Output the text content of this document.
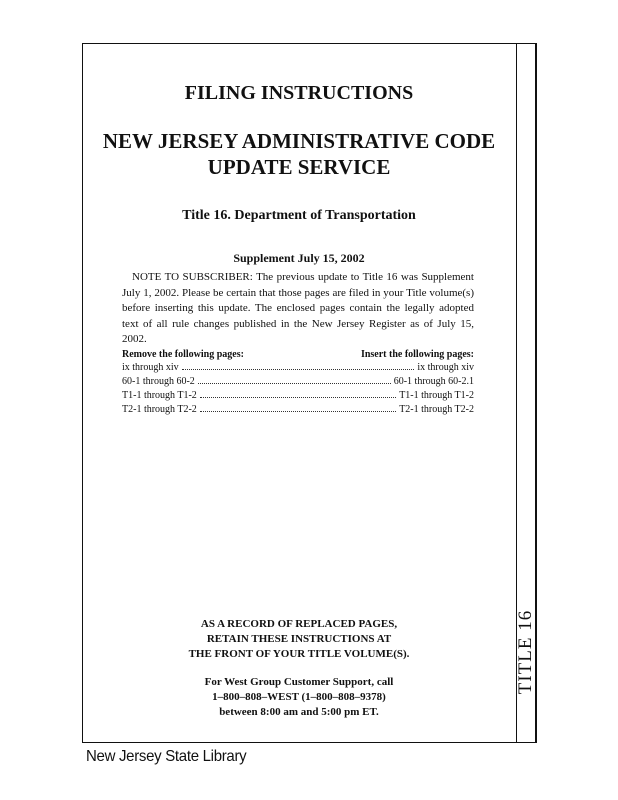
TITLE 16
FILING INSTRUCTIONS
NEW JERSEY ADMINISTRATIVE CODE
UPDATE SERVICE
Title 16. Department of Transportation
Supplement July 15, 2002
NOTE TO SUBSCRIBER: The previous update to Title 16 was Supplement July 1, 2002. Please be certain that those pages are filed in your Title volume(s) before inserting this update. The enclosed pages contain the legally adopted text of all rule changes published in the New Jersey Register as of July 15, 2002.
Remove the following pages:	Insert the following pages:
ix through xiv	ix through xiv
60-1 through 60-2	60-1 through 60-2.1
T1-1 through T1-2	T1-1 through T1-2
T2-1 through T2-2	T2-1 through T2-2
AS A RECORD OF REPLACED PAGES,
RETAIN THESE INSTRUCTIONS AT
THE FRONT OF YOUR TITLE VOLUME(S).
For West Group Customer Support, call
1–800–808–WEST (1–800–808–9378)
between 8:00 am and 5:00 pm ET.
New Jersey State Library
